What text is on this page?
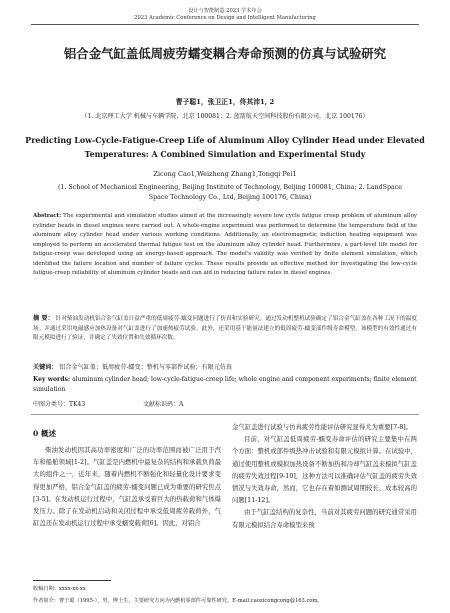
设计与智能制造 2023 学术年会
2023 Academic Conference on Design and Intelligent Manufacturing
铝合金气缸盖低周疲劳蠕变耦合寿命预测的仿真与试验研究
曹子聪1，张卫正1，佟其沛1, 2
（1. 北京理工大学 机械与车辆学院，北京 100081；2. 蓝箭航天空间科技股份有限公司，北京 100176）
Predicting Low-Cycle-Fatigue-Creep Life of Aluminum Alloy Cylinder Head under Elevated Temperatures: A Combined Simulation and Experimental Study
Zicong Cao1,Weizheng Zhang1,Tongqi Pei1
(1. School of Mechanical Engineering, Beijing Institute of Technology, Beijing 100081, China; 2. LandSpace Space Technology Co., Ltd, Beijing 100176, China)
Abstract: The experimental and simulation studies aimed at the increasingly severe low cycle fatigue creep problem of aluminum alloy cylinder heads in diesel engines were carried out. A whole-engine experiment was performed to determine the temperature field of the aluminum alloy cylinder head under various working conditions. Additionally, an electromagnetic induction heating equipment was employed to perform an accelerated thermal fatigue test on the aluminum alloy cylinder head. Furthermore, a part-level life model for fatigue-creep was developed using an energy-based approach. The model's validity was verified by finite element simulation, which identified the failure location and number of failure cycles. These results provide an effective method for investigating the low-cycle fatigue-creep reliability of aluminum cylinder heads and can aid in reducing failure rates in diesel engines.
摘 要： 针对柴油发动机铝合金气缸盖日益严重的低周疲劳-蠕变问题进行了仿真和实验研究。通过发动机整机试验确定了铝合金气缸盖在各种工况下的温度场。并通过采用电磁感应加热设备对气缸盖进行了加速热疲劳试验。此外，还采用基于能量法建立的低周疲劳-蠕变部件级寿命模型。该模型的有效性通过有限元模拟进行了验证，并确定了失效位置和失效循环次数。
关键词： 铝合金气缸盖；低周疲劳-蠕变；整机与零部件试验；有限元仿真
Key words: aluminum cylinder head; low-cycle-fatigue-creep life; whole engine and component experiments; finite element simulation
中图分类号：TK43	文献标识码：A
0 概述

柴油发动机因其高功率密度和广泛的功率范围而被广泛用于汽车和船舶领域[1-2]。气缸盖是内燃机中最复杂的结构和承载负荷最大的组件之一，近年来，随着内燃机不断强化和轻量化设计要求变得更加严格，铝合金气缸盖的疲劳-蠕变问题已成为重要的研究焦点[3-5]。在发动机运行过程中，气缸盖承受着巨大的热载荷和气体爆发压力。除了在发动机启动和关闭过程中承受低周疲劳载荷外，气缸盖还在发动机运行过程中承受蠕变载荷[6]。因此，对铝合

金气缸盖进行试验与仿真疲劳性能评估研究显得尤为重要[7-8]。

目前，对气缸盖低周疲劳-蠕变寿命评估的研究主要集中在两个方面：整机或部件级热冲击试验和有限元模拟计算。在试验中，通过使用整机或模拟加热设备不断加热和冷却气缸盖来模拟气缸盖的疲劳失效过程[9-10]，这种方法可以准确评估气缸盖的疲劳失效情况与失效寿命，然而，它也存在着如测试周期较长、成本较高的问题[11-12]。

由于气缸盖结构的复杂性，当前对其疲劳问题的研究通常采用有限元模拟结合寿命模型来预

收稿日期：xxxx-xx-xx
作者简介：曹子聪（1995-），男，博士生，主要研究方向为内燃机零部件可靠性研究。E-mail:caozicongcong@163.com。
